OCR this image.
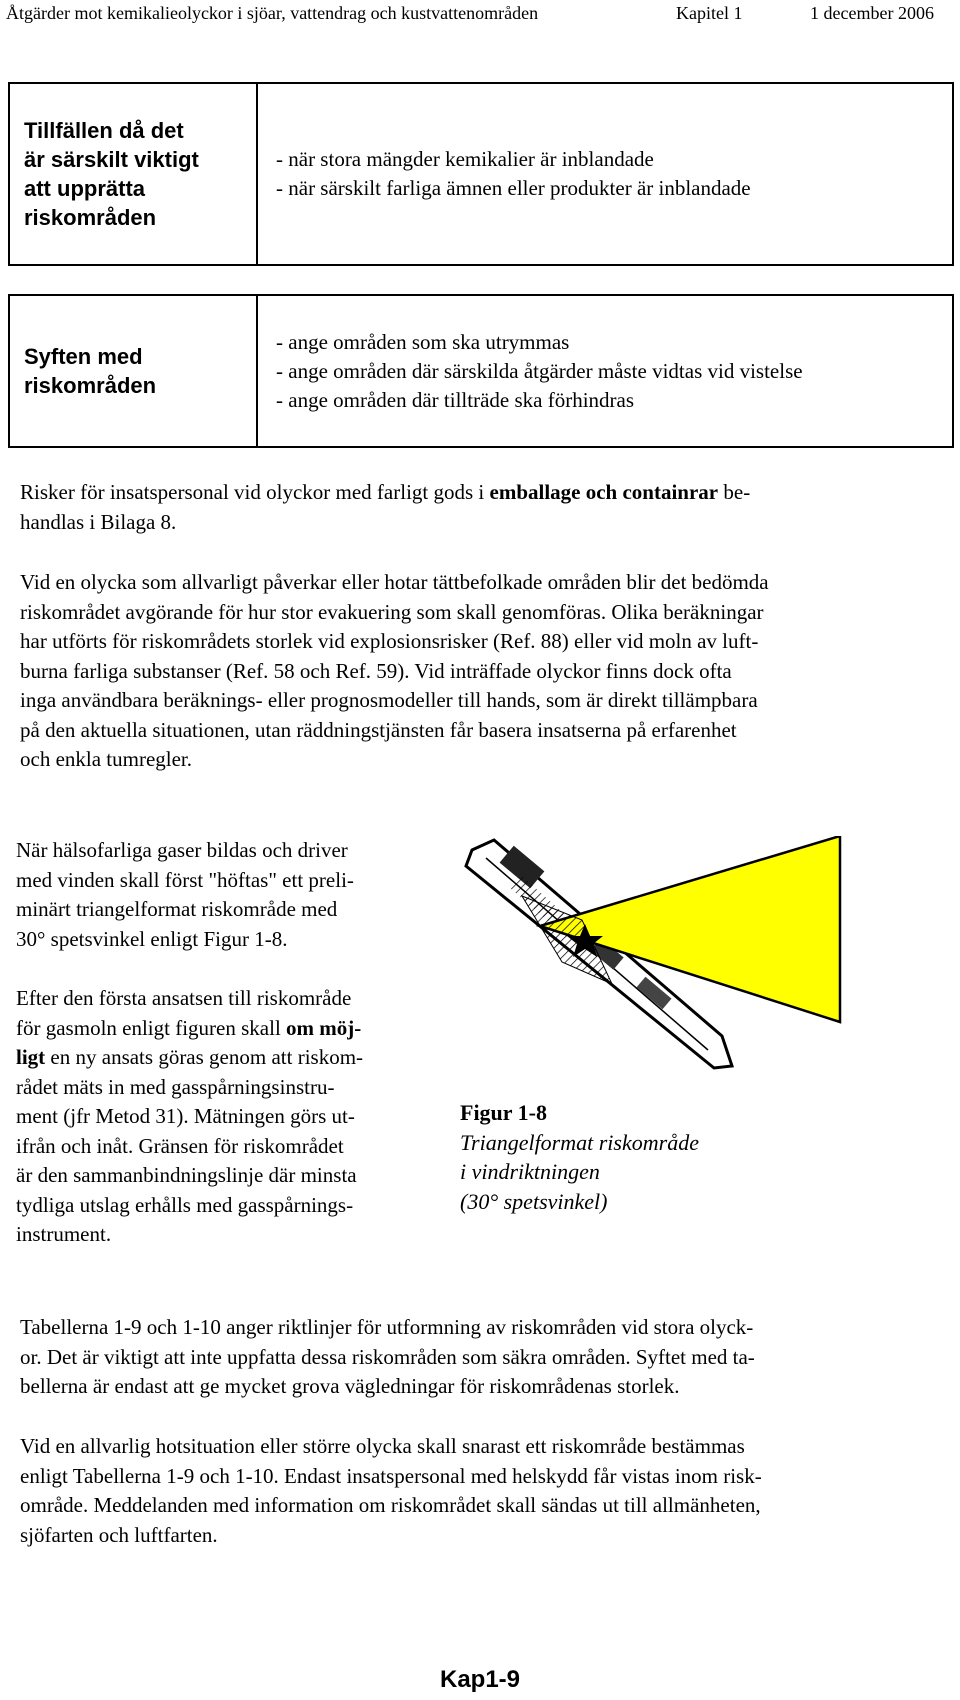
Åtgärder mot kemikalieolyckor i sjöar, vattendrag och kustvattenområden	Kapitel 1	1 december 2006
Tillfällen då det
är särskilt viktigt
att upprätta
riskområden
- när stora mängder kemikalier är inblandade
- när särskilt farliga ämnen eller produkter är inblandade
Syften med
riskområden
- ange områden som ska utrymmas
- ange områden där särskilda åtgärder måste vidtas vid vistelse
- ange områden där tillträde ska förhindras
Risker för insatspersonal vid olyckor med farligt gods i emballage och containrar be-
handlas i Bilaga 8.
Vid en olycka som allvarligt påverkar eller hotar tättbefolkade områden blir det bedömda
riskområdet avgörande för hur stor evakuering som skall genomföras. Olika beräkningar
har utförts för riskområdets storlek vid explosionsrisker (Ref. 88) eller vid moln av luft-
burna farliga substanser (Ref. 58 och Ref. 59). Vid inträffade olyckor finns dock ofta
inga användbara beräknings- eller prognosmodeller till hands, som är direkt tillämpbara
på den aktuella situationen, utan räddningstjänsten får basera insatserna på erfarenhet
och enkla tumregler.
När hälsofarliga gaser bildas och driver
med vinden skall först "höftas" ett preli-
minärt triangelformat riskområde med
30° spetsvinkel enligt Figur 1-8.
Efter den första ansatsen till riskområde
för gasmoln enligt figuren skall om möj-
ligt en ny ansats göras genom att riskom-
rådet mäts in med gasspårningsinstru-
ment (jfr Metod 31). Mätningen görs ut-
ifrån och inåt. Gränsen för riskområdet
är den sammanbindningslinje där minsta
tydliga utslag erhålls med gasspårnings-
instrument.
Figur 1-8
Triangelformat riskområde
i vindriktningen
(30° spetsvinkel)
Tabellerna 1-9 och 1-10 anger riktlinjer för utformning av riskområden vid stora olyck-
or. Det är viktigt att inte uppfatta dessa riskområden som säkra områden. Syftet med ta-
bellerna är endast att ge mycket grova vägledningar för riskområdenas storlek.
Vid en allvarlig hotsituation eller större olycka skall snarast ett riskområde bestämmas
enligt Tabellerna 1-9 och 1-10. Endast insatspersonal med helskydd får vistas inom risk-
område. Meddelanden med information om riskområdet skall sändas ut till allmänheten,
sjöfarten och luftfarten.
Kap1-9
